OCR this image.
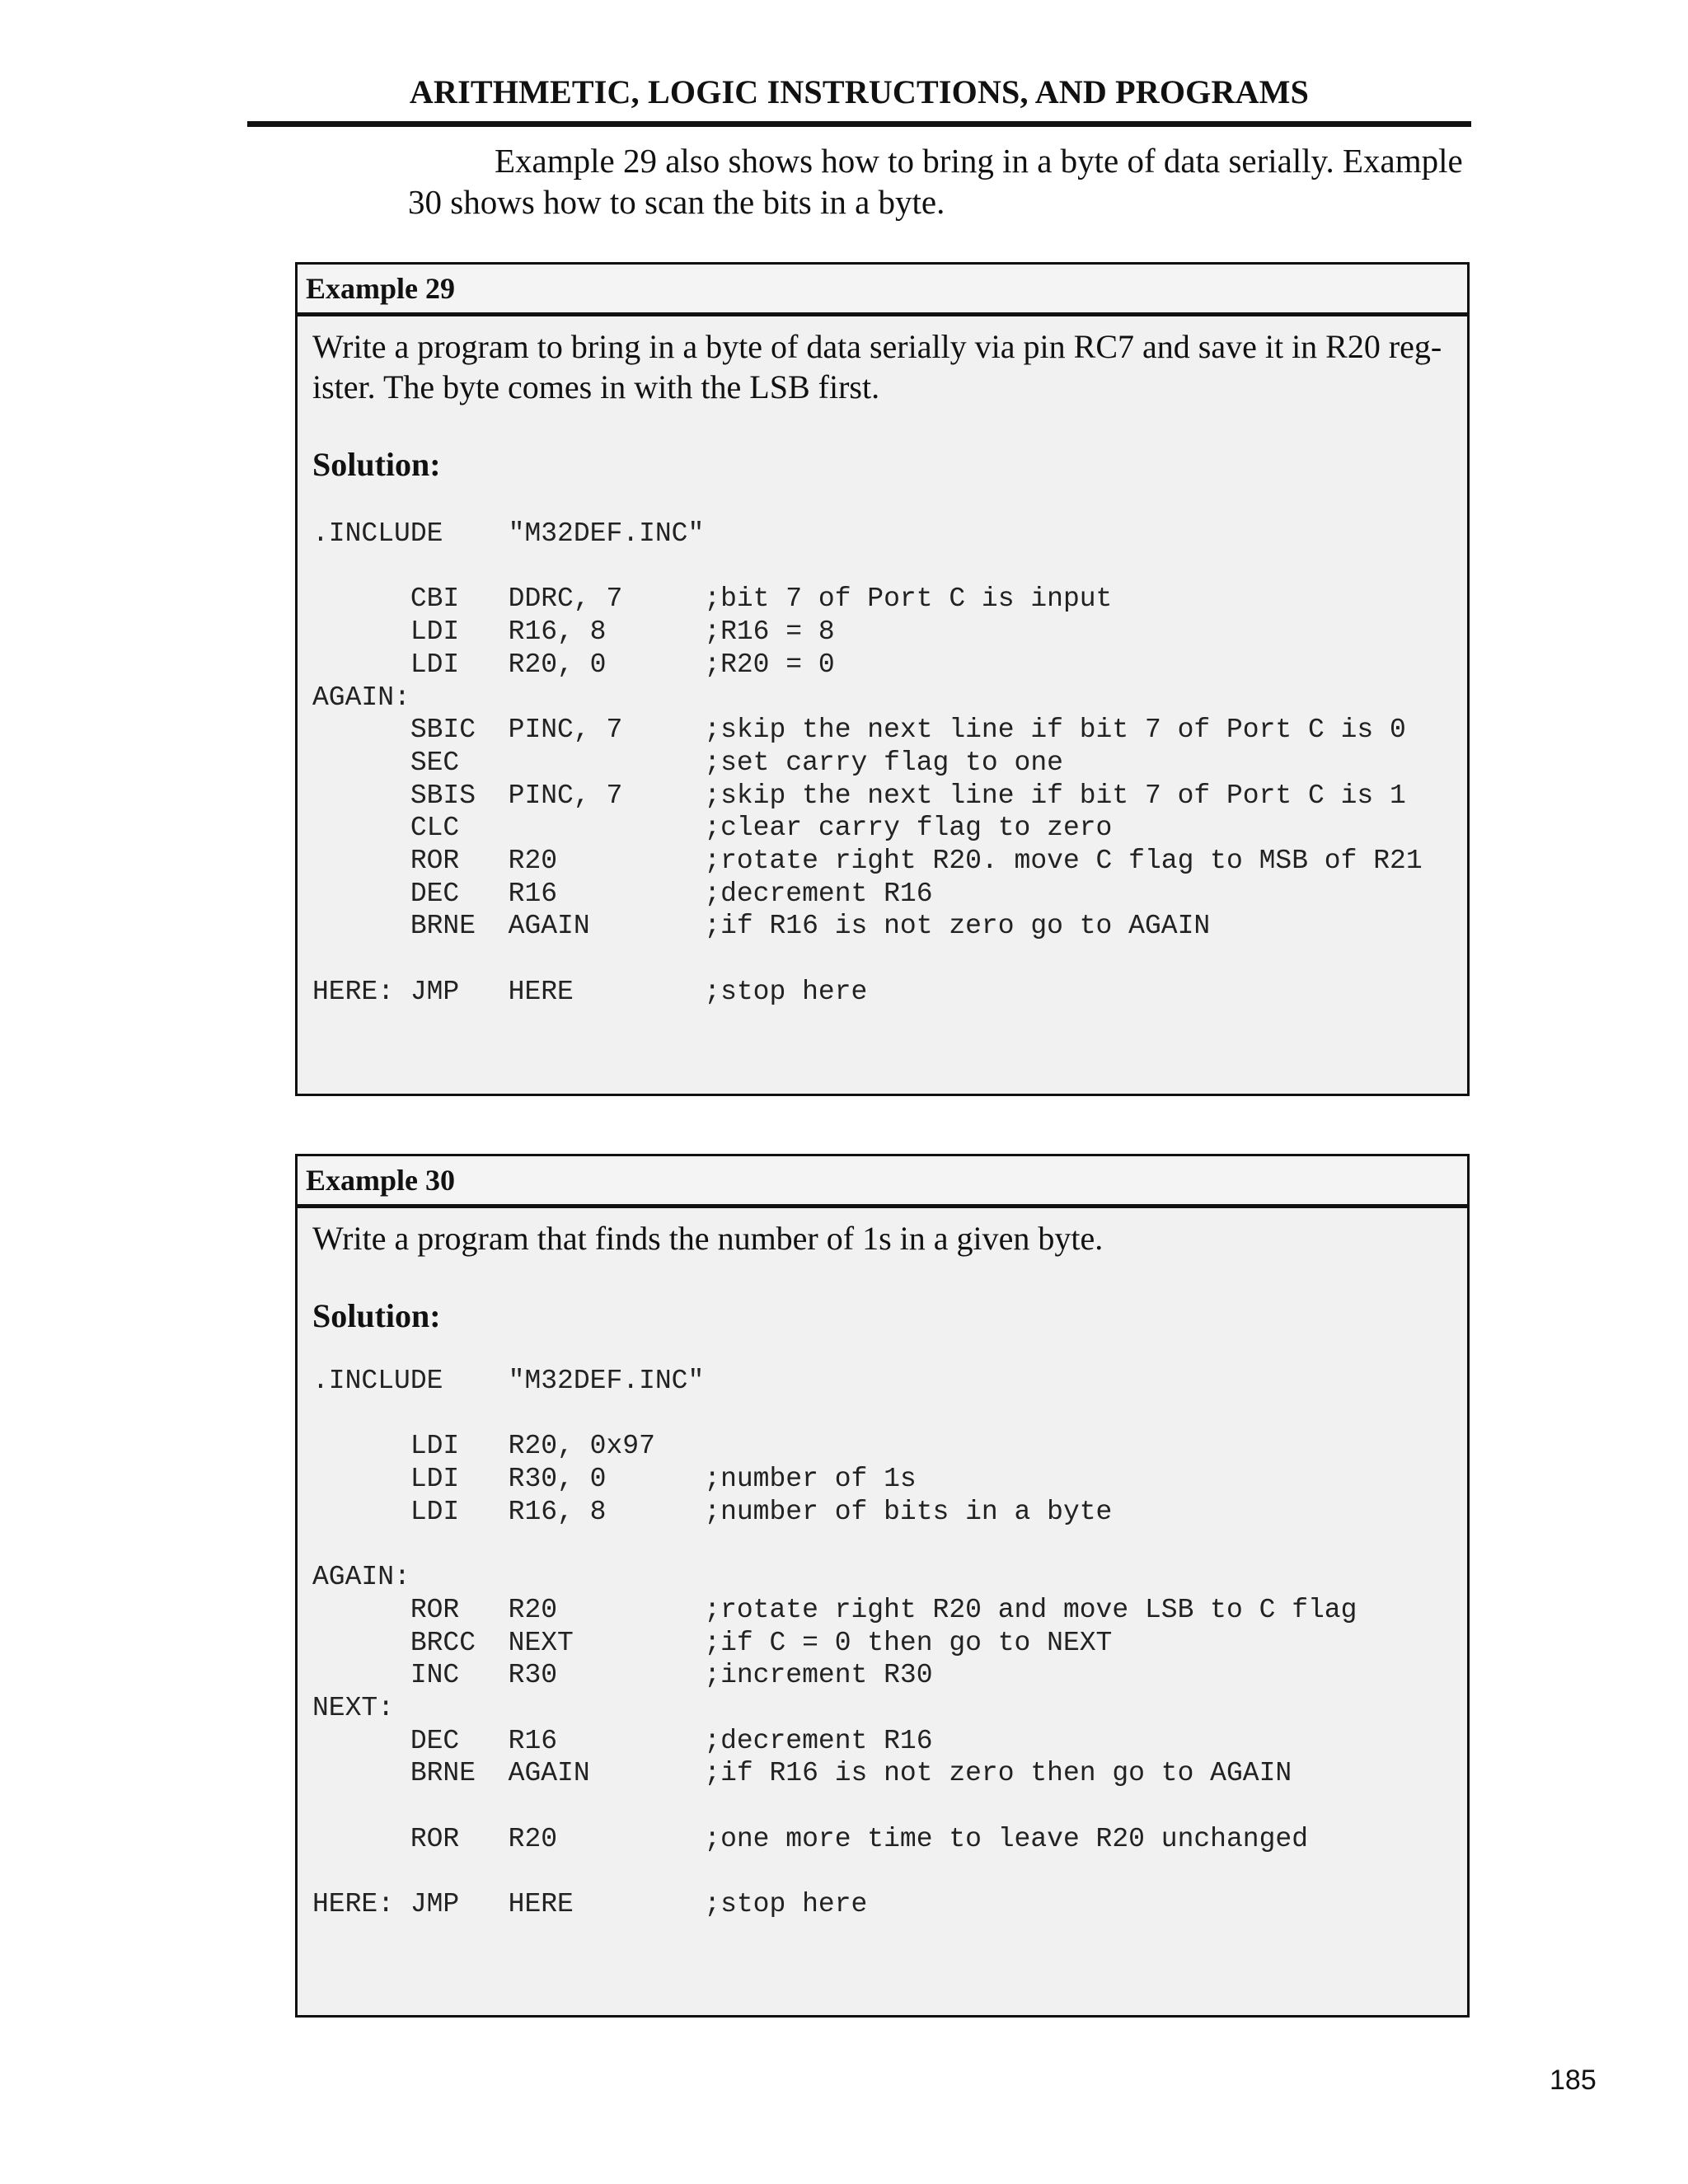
ARITHMETIC, LOGIC INSTRUCTIONS, AND PROGRAMS
Example 29 also shows how to bring in a byte of data serially. Example
30 shows how to scan the bits in a byte.
Example 29
Write a program to bring in a byte of data serially via pin RC7 and save it in R20 reg-
ister. The byte comes in with the LSB first.
Solution:
.INCLUDE    "M32DEF.INC"
CBI   DDRC, 7     ;bit 7 of Port C is input
LDI   R16, 8      ;R16 = 8
LDI   R20, 0      ;R20 = 0
AGAIN:
SBIC  PINC, 7     ;skip the next line if bit 7 of Port C is 0
SEC               ;set carry flag to one
SBIS  PINC, 7     ;skip the next line if bit 7 of Port C is 1
CLC               ;clear carry flag to zero
ROR   R20         ;rotate right R20. move C flag to MSB of R21
DEC   R16         ;decrement R16
BRNE  AGAIN       ;if R16 is not zero go to AGAIN
HERE: JMP   HERE        ;stop here
Example 30
Write a program that finds the number of 1s in a given byte.
Solution:
.INCLUDE    "M32DEF.INC"
LDI   R20, 0x97
LDI   R30, 0      ;number of 1s
LDI   R16, 8      ;number of bits in a byte
AGAIN:
ROR   R20         ;rotate right R20 and move LSB to C flag
BRCC  NEXT        ;if C = 0 then go to NEXT
INC   R30         ;increment R30
NEXT:
DEC   R16         ;decrement R16
BRNE  AGAIN       ;if R16 is not zero then go to AGAIN
ROR   R20         ;one more time to leave R20 unchanged
HERE: JMP   HERE        ;stop here
185
